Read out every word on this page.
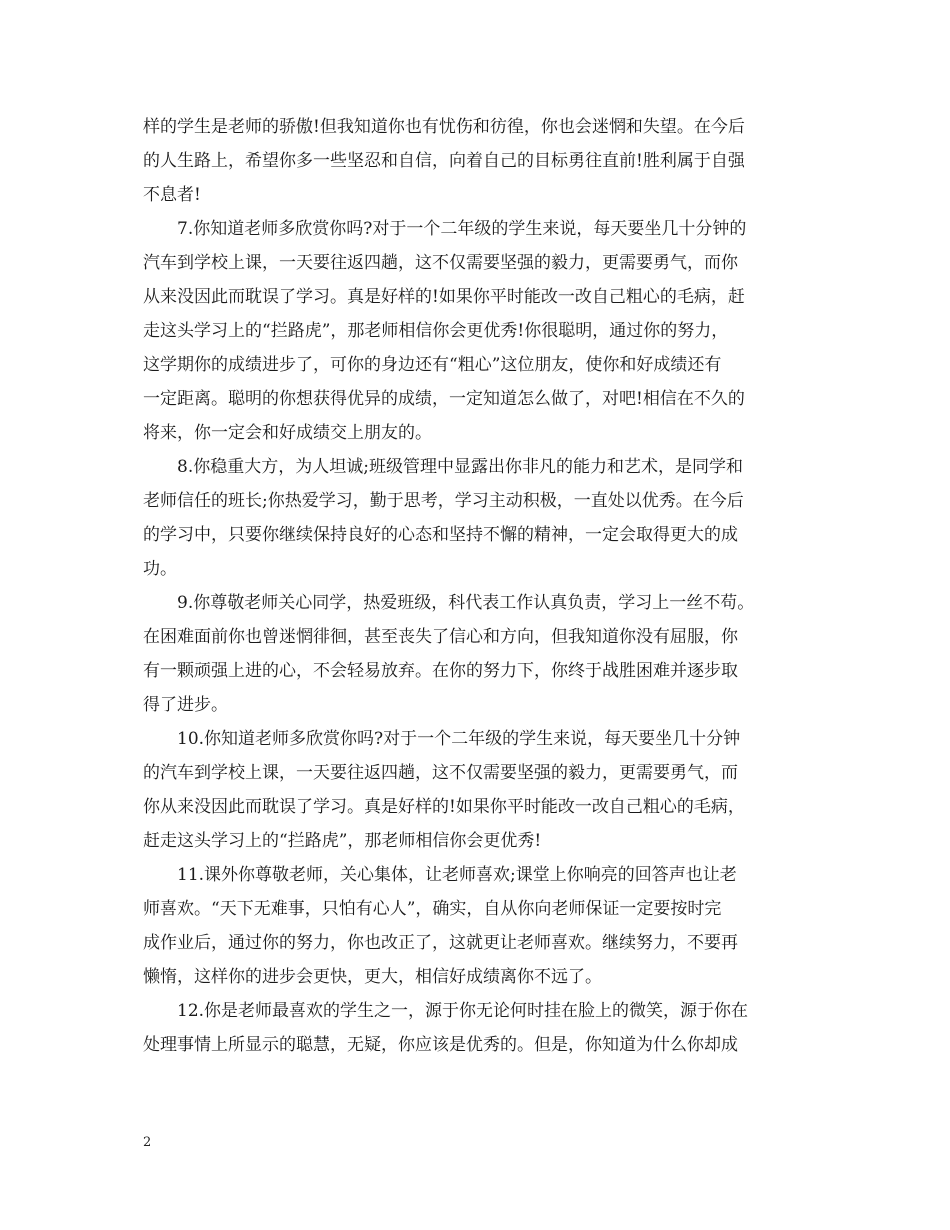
样的学生是老师的骄傲!但我知道你也有忧伤和彷徨，你也会迷惘和失望。在今后
的人生路上，希望你多一些坚忍和自信，向着自己的目标勇往直前!胜利属于自强
不息者!
7.你知道老师多欣赏你吗?对于一个二年级的学生来说，每天要坐几十分钟的
汽车到学校上课，一天要往返四趟，这不仅需要坚强的毅力，更需要勇气，而你
从来没因此而耽误了学习。真是好样的!如果你平时能改一改自己粗心的毛病，赶
走这头学习上的“拦路虎”，那老师相信你会更优秀!你很聪明，通过你的努力，
这学期你的成绩进步了，可你的身边还有“粗心”这位朋友，使你和好成绩还有
一定距离。聪明的你想获得优异的成绩，一定知道怎么做了，对吧!相信在不久的
将来，你一定会和好成绩交上朋友的。
8.你稳重大方，为人坦诚;班级管理中显露出你非凡的能力和艺术，是同学和
老师信任的班长;你热爱学习，勤于思考，学习主动积极，一直处以优秀。在今后
的学习中，只要你继续保持良好的心态和坚持不懈的精神，一定会取得更大的成
功。
9.你尊敬老师关心同学，热爱班级，科代表工作认真负责，学习上一丝不苟。
在困难面前你也曾迷惘徘徊，甚至丧失了信心和方向，但我知道你没有屈服，你
有一颗顽强上进的心，不会轻易放弃。在你的努力下，你终于战胜困难并逐步取
得了进步。
10.你知道老师多欣赏你吗?对于一个二年级的学生来说，每天要坐几十分钟
的汽车到学校上课，一天要往返四趟，这不仅需要坚强的毅力，更需要勇气，而
你从来没因此而耽误了学习。真是好样的!如果你平时能改一改自己粗心的毛病，
赶走这头学习上的“拦路虎”，那老师相信你会更优秀!
11.课外你尊敬老师，关心集体，让老师喜欢;课堂上你响亮的回答声也让老
师喜欢。“天下无难事，只怕有心人”，确实，自从你向老师保证一定要按时完
成作业后，通过你的努力，你也改正了，这就更让老师喜欢。继续努力，不要再
懒惰，这样你的进步会更快，更大，相信好成绩离你不远了。
12.你是老师最喜欢的学生之一，源于你无论何时挂在脸上的微笑，源于你在
处理事情上所显示的聪慧，无疑，你应该是优秀的。但是，你知道为什么你却成
2
